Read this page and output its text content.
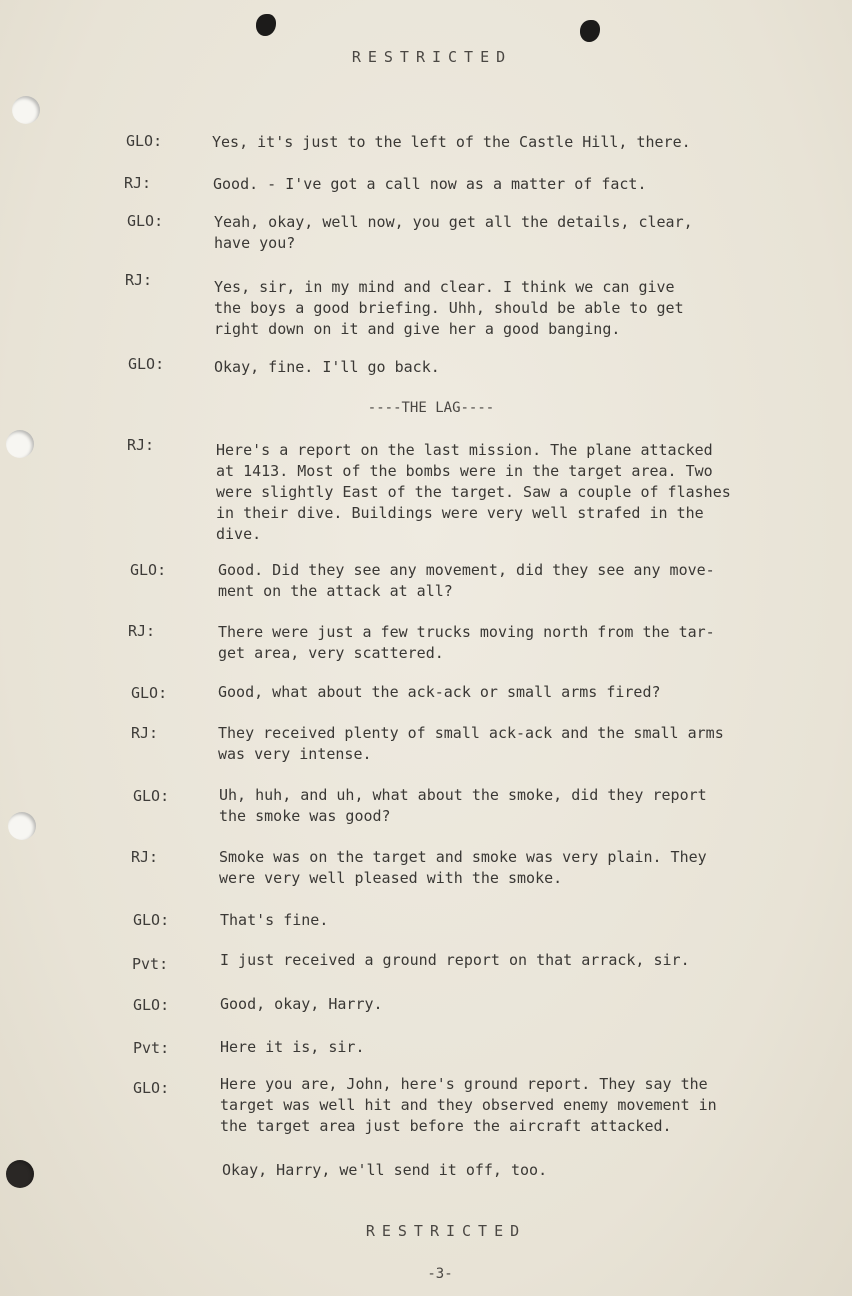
RESTRICTED
GLO:	Yes, it's just to the left of the Castle Hill, there.
RJ:	Good. - I've got a call now as a matter of fact.
GLO:	Yeah, okay, well now, you get all the details, clear,
have you?
RJ:	Yes, sir, in my mind and clear. I think we can give
the boys a good briefing. Uhh, should be able to get
right down on it and give her a good banging.
GLO:	Okay, fine. I'll go back.
----THE LAG----
RJ:	Here's a report on the last mission. The plane attacked
at 1413. Most of the bombs were in the target area. Two
were slightly East of the target. Saw a couple of flashes
in their dive. Buildings were very well strafed in the
dive.
GLO:	Good. Did they see any movement, did they see any move-
ment on the attack at all?
RJ:	There were just a few trucks moving north from the tar-
get area, very scattered.
GLO:	Good, what about the ack-ack or small arms fired?
RJ:	They received plenty of small ack-ack and the small arms
was very intense.
GLO:	Uh, huh, and uh, what about the smoke, did they report
the smoke was good?
RJ:	Smoke was on the target and smoke was very plain. They
were very well pleased with the smoke.
GLO:	That's fine.
Pvt:	I just received a ground report on that arrack, sir.
GLO:	Good, okay, Harry.
Pvt:	Here it is, sir.
GLO:	Here you are, John, here's ground report. They say the
target was well hit and they observed enemy movement in
the target area just before the aircraft attacked.
Okay, Harry, we'll send it off, too.
RESTRICTED
-3-
